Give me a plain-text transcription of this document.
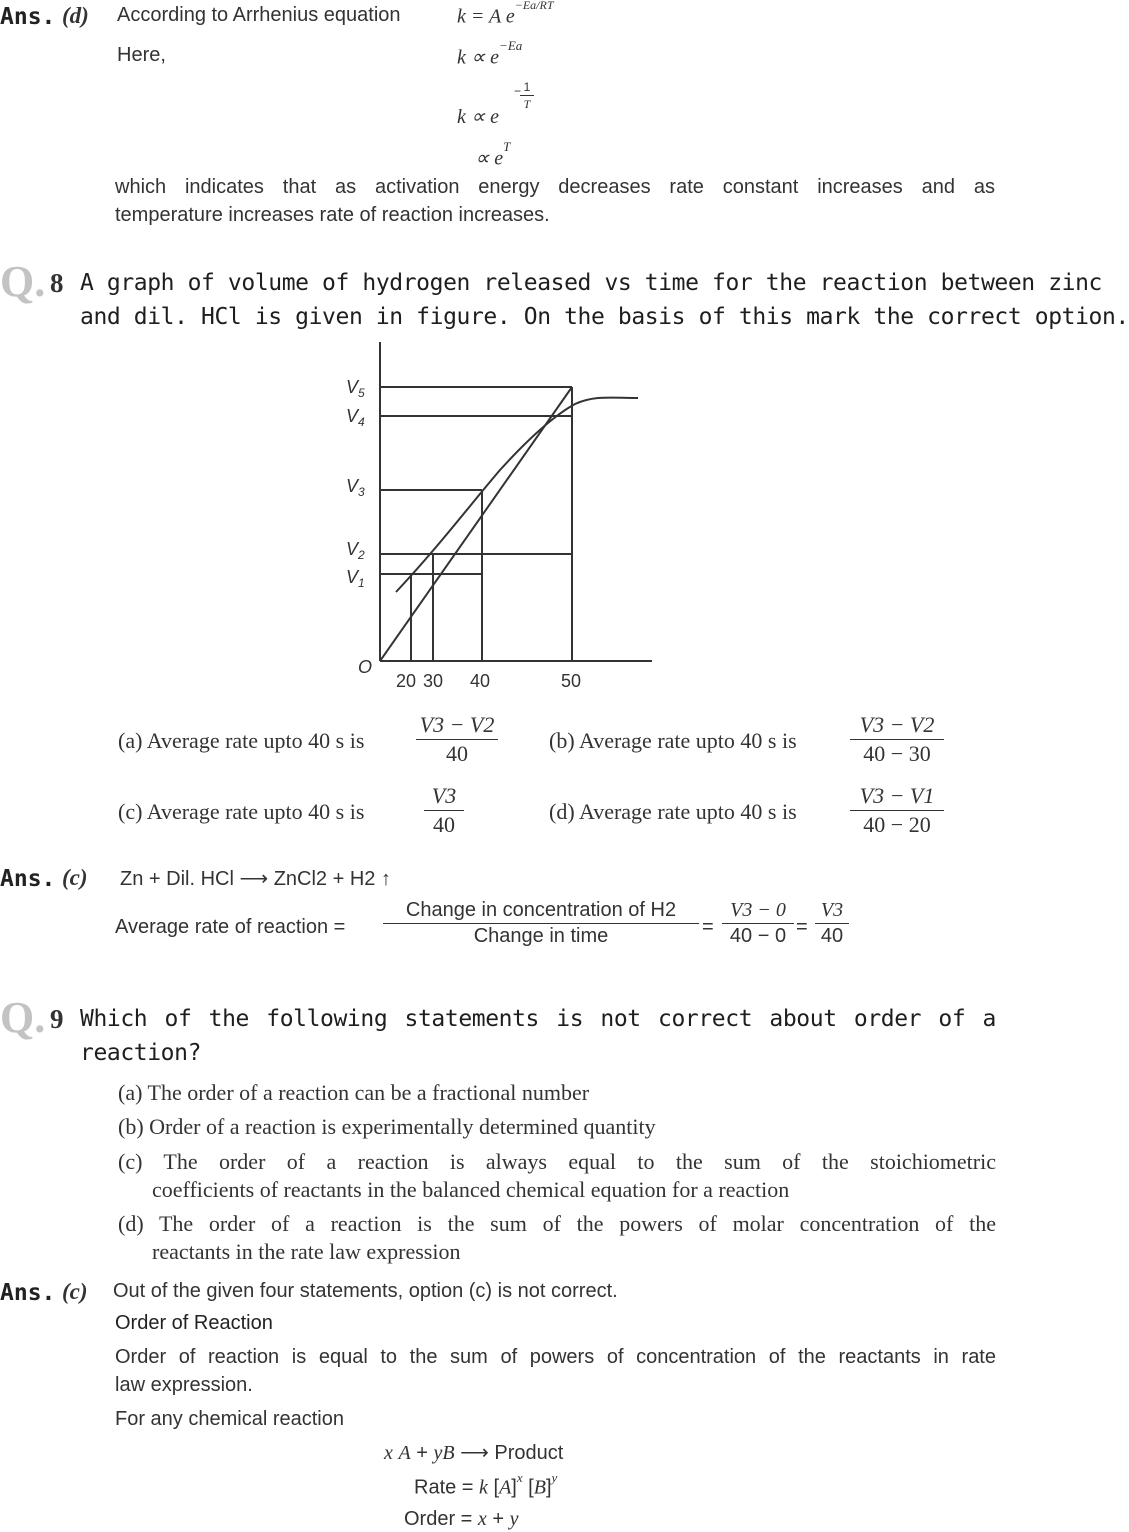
Ans. (d) According to Arrhenius equation	k = A $e^{-Ea/RT}$
Here,	$k \propto e^{-Ea}$
k ∝ e
− 1
T
∝ $e^T$
which indicates that as activation energy decreases rate constant increases and as
temperature increases rate of reaction increases.
Q. 8 A graph of volume of hydrogen released vs time for the reaction between zinc
and dil. HCl is given in figure. On the basis of this mark the correct option.
$V_5$
$V_4$
$V_3$
$V_2$
$V_1$
O
20 30 40	50
(a) Average rate upto 40 s is
V3 − V2
40
(b) Average rate upto 40 s is
V3 − V2
40 − 30
(c) Average rate upto 40 s is
V3
40
(d) Average rate upto 40 s is
V3 − V1
40 − 20
Ans. (c) Zn + Dil. HCl ⟶ ZnCl2 + H2 ↑
Average rate of reaction =
Change in concentration of H2
Change in time	=
V3 − 0
40 − 0 =
V3
40
Q. 9 Which of the following statements is not correct about order of a
reaction?
(a) The order of a reaction can be a fractional number
(b) Order of a reaction is experimentally determined quantity
(c) The order of a reaction is always equal to the sum of the stoichiometric
coefficients of reactants in the balanced chemical equation for a reaction
(d) The order of a reaction is the sum of the powers of molar concentration of the
reactants in the rate law expression
Ans. (c) Out of the given four statements, option (c) is not correct.
Order of Reaction
Order of reaction is equal to the sum of powers of concentration of the reactants in rate
law expression.
For any chemical reaction
x A + yB ⟶ Product
Rate = k $[A]^x$ $[B]^y$
Order = x + y
